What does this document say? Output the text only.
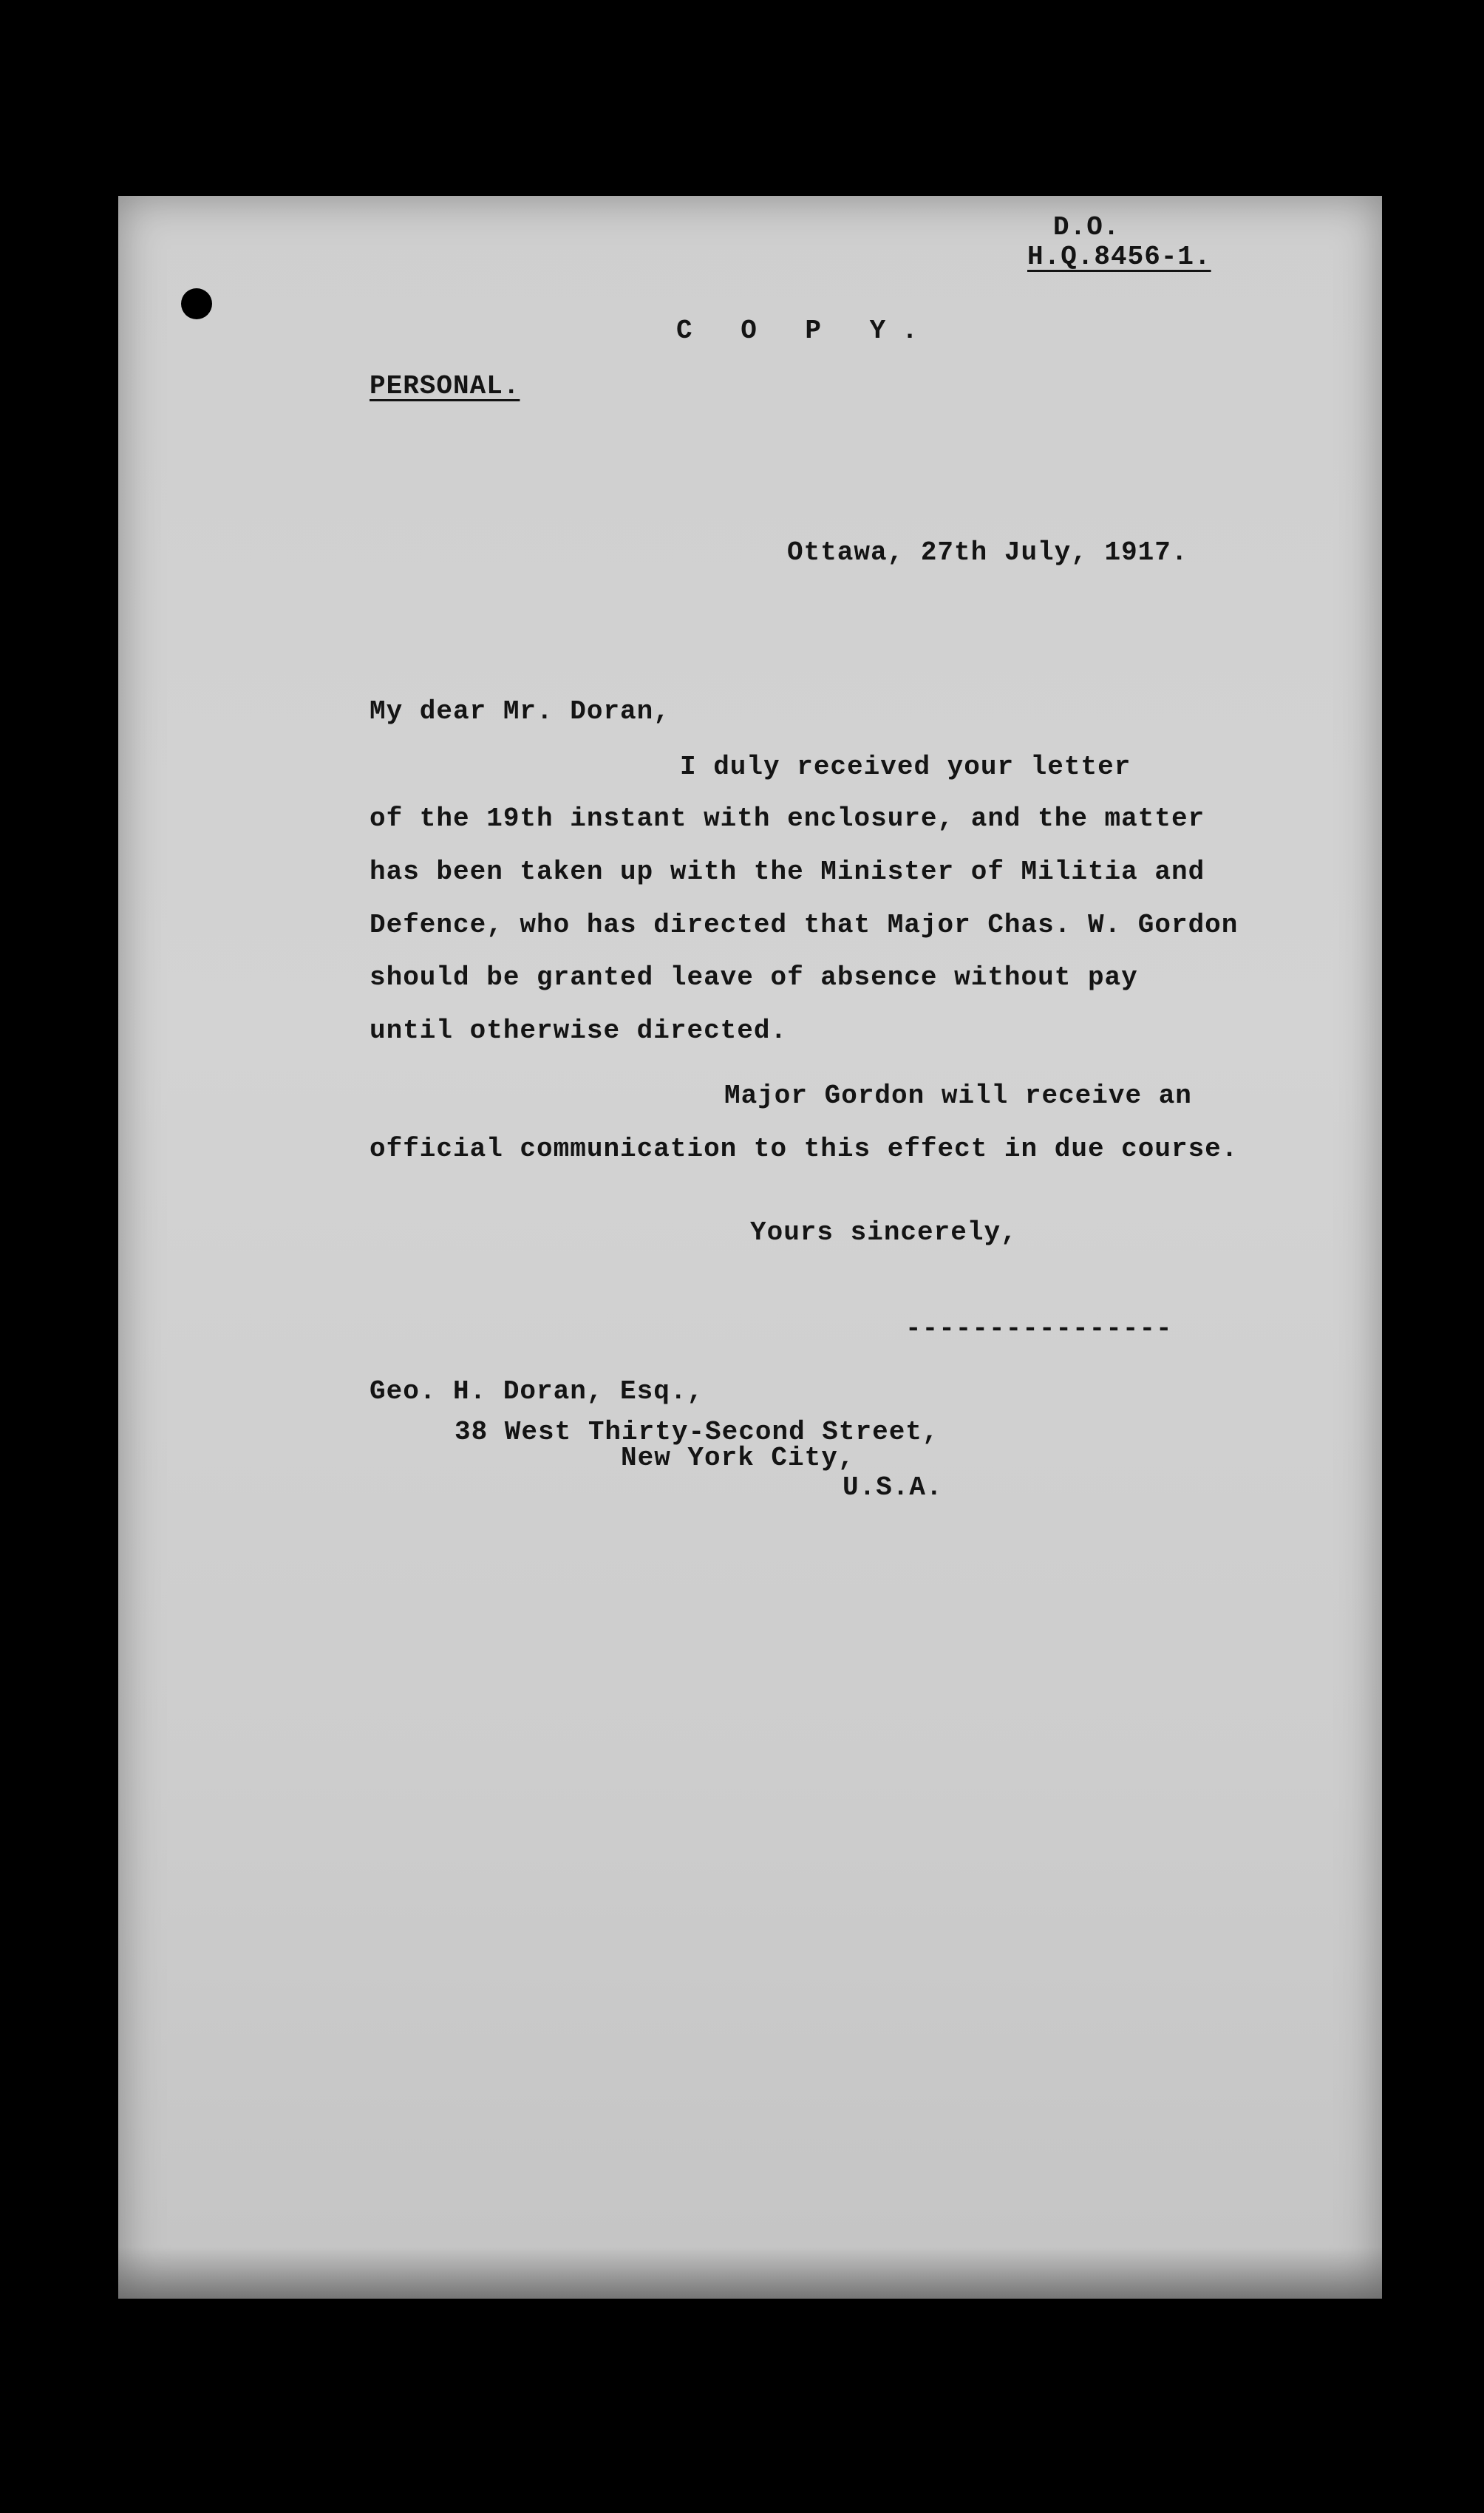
D.O.
H.Q.8456-1.
C O P Y.
PERSONAL.
Ottawa, 27th July, 1917.
My dear Mr. Doran,
I duly received your letter
of the 19th instant with enclosure, and the matter
has been taken up with the Minister of Militia and
Defence, who has directed that Major Chas. W. Gordon
should be granted leave of absence without pay
until otherwise directed.
Major Gordon will receive an
official communication to this effect in due course.
Yours sincerely,
----------------
Geo. H. Doran, Esq.,
38 West Thirty-Second Street,
New York City,
U.S.A.
